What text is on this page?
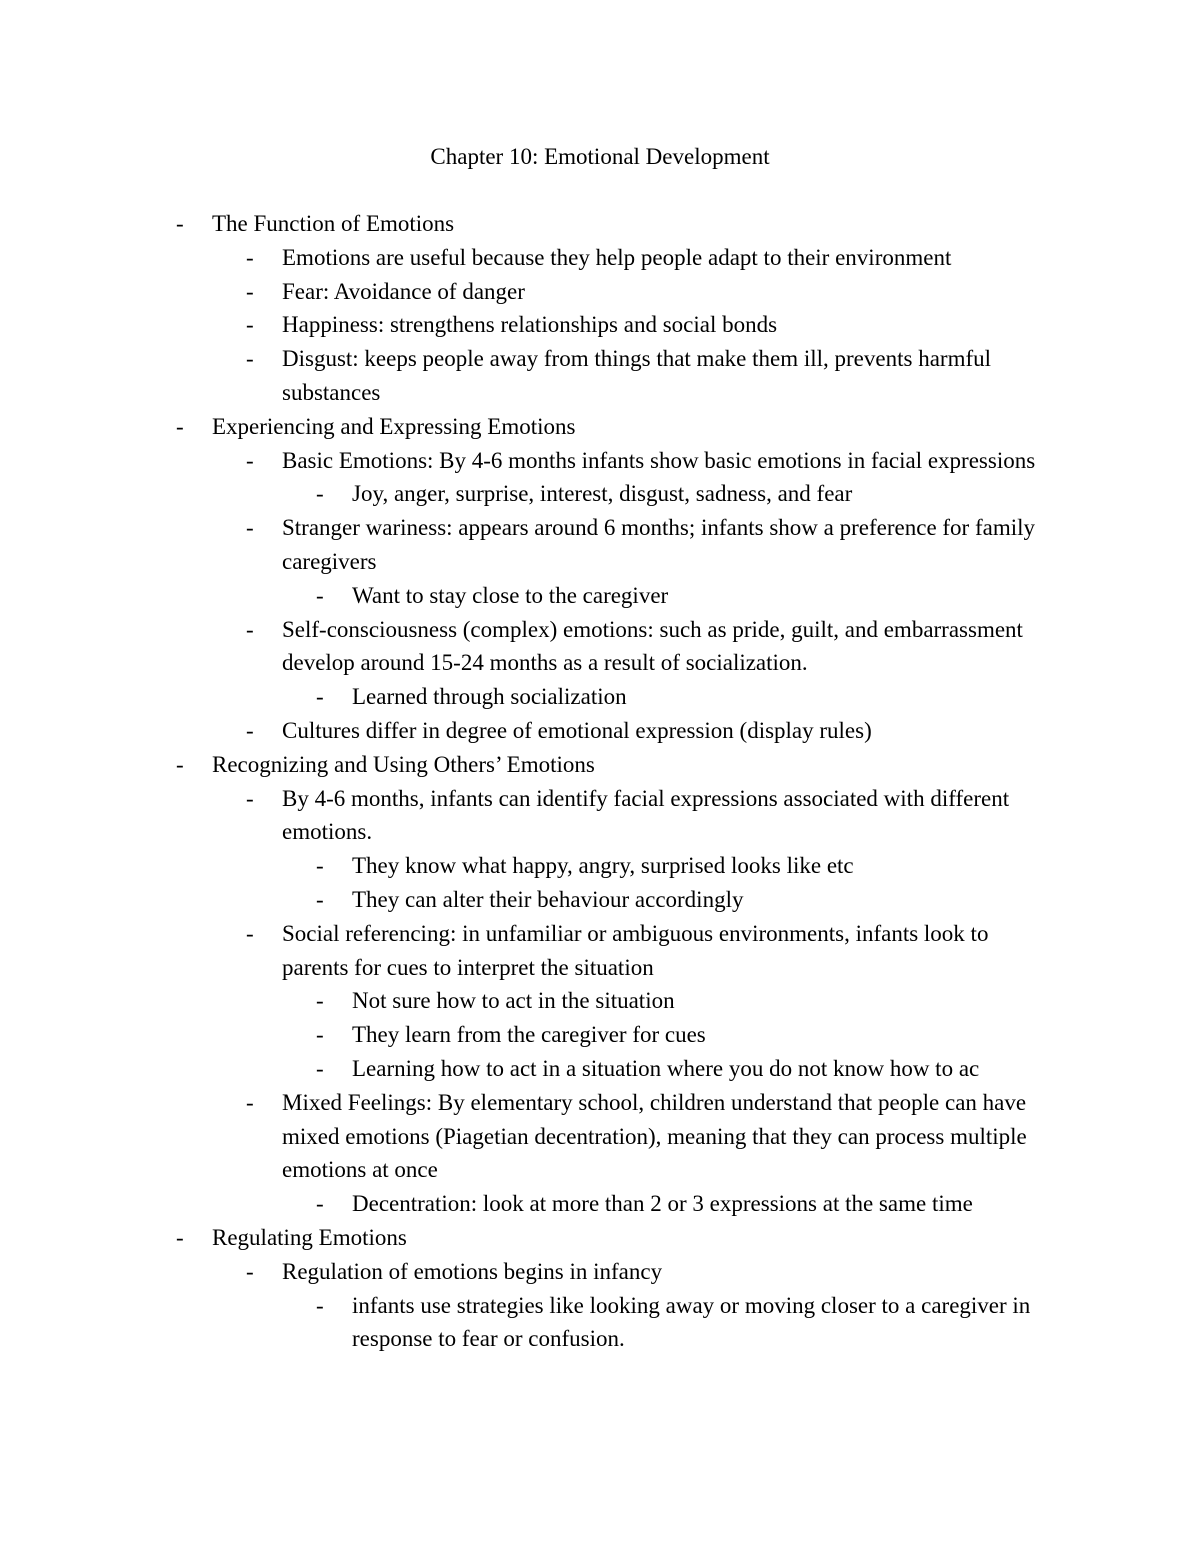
Chapter 10: Emotional Development
- The Function of Emotions
- Emotions are useful because they help people adapt to their environment
- Fear: Avoidance of danger
- Happiness: strengthens relationships and social bonds
- Disgust: keeps people away from things that make them ill, prevents harmful substances
- Experiencing and Expressing Emotions
- Basic Emotions: By 4-6 months infants show basic emotions in facial expressions
- Joy, anger, surprise, interest, disgust, sadness, and fear
- Stranger wariness: appears around 6 months; infants show a preference for family caregivers
- Want to stay close to the caregiver
- Self-consciousness (complex) emotions: such as pride, guilt, and embarrassment develop around 15-24 months as a result of socialization.
- Learned through socialization
- Cultures differ in degree of emotional expression (display rules)
- Recognizing and Using Others’ Emotions
- By 4-6 months, infants can identify facial expressions associated with different emotions.
- They know what happy, angry, surprised looks like etc
- They can alter their behaviour accordingly
- Social referencing: in unfamiliar or ambiguous environments, infants look to parents for cues to interpret the situation
- Not sure how to act in the situation
- They learn from the caregiver for cues
- Learning how to act in a situation where you do not know how to ac
- Mixed Feelings: By elementary school, children understand that people can have mixed emotions (Piagetian decentration), meaning that they can process multiple emotions at once
- Decentration: look at more than 2 or 3 expressions at the same time
- Regulating Emotions
- Regulation of emotions begins in infancy
- infants use strategies like looking away or moving closer to a caregiver in response to fear or confusion.
